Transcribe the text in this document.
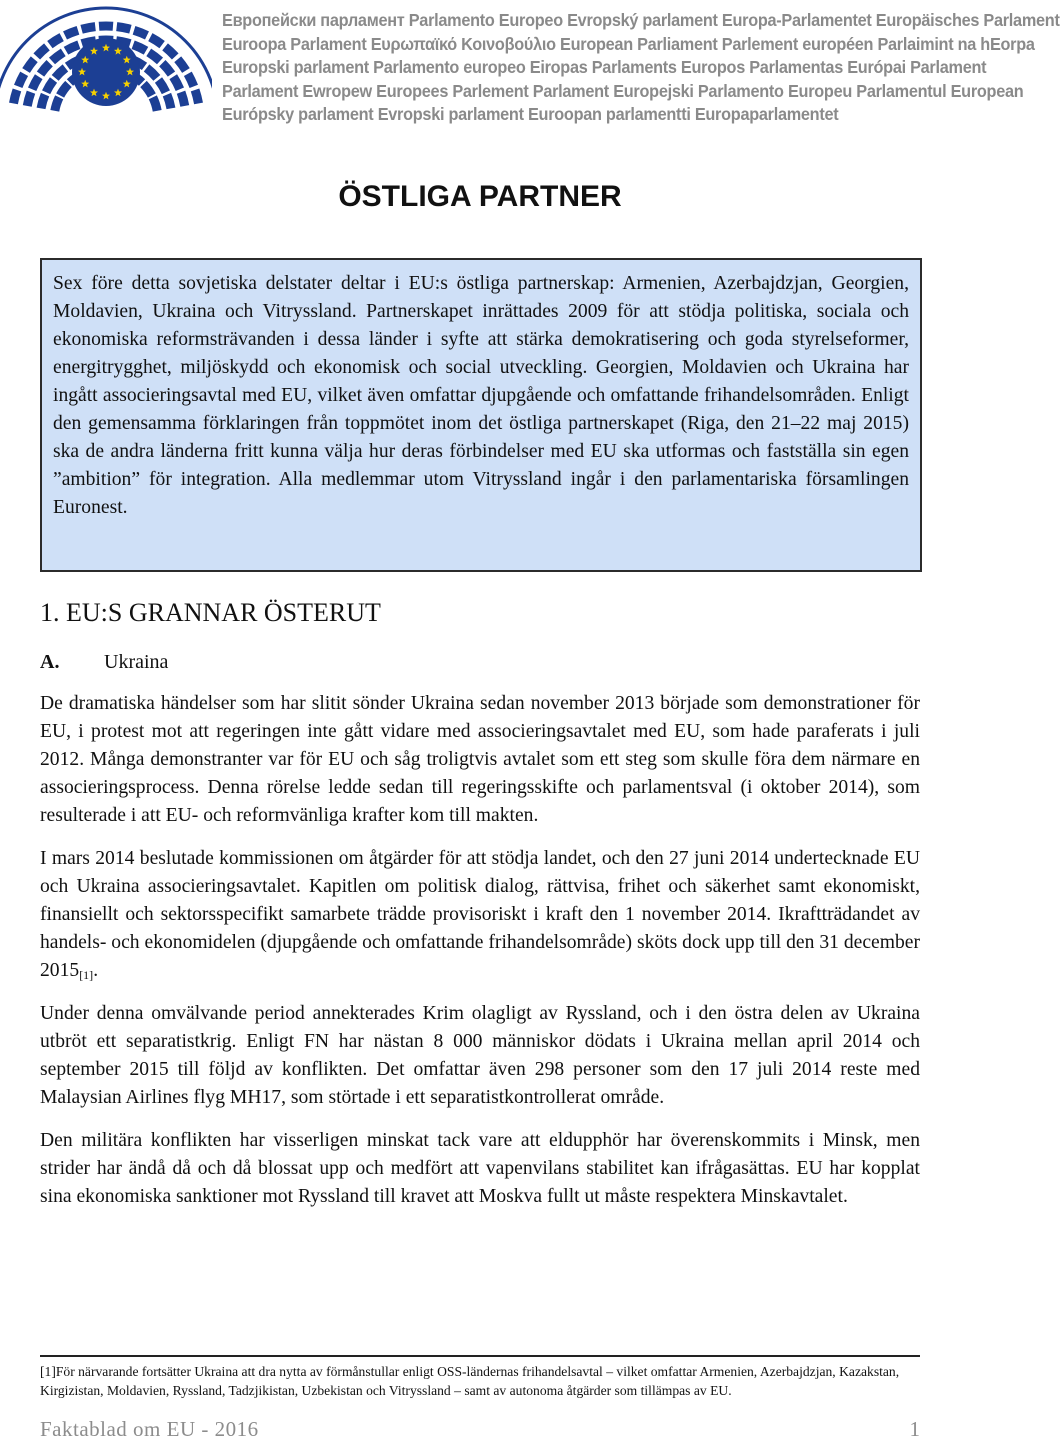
Европейски парламент Parlamento Europeo Evropský parlament Europa-Parlamentet Europäisches Parlament
Euroopa Parlament Ευρωπαϊκό Κοινοβούλιο European Parliament Parlement européen Parlaimint na hEorpa
Europski parlament Parlamento europeo Eiropas Parlaments Europos Parlamentas Európai Parlament
Parlament Ewropew Europees Parlement Parlament Europejski Parlamento Europeu Parlamentul European
Európsky parlament Evropski parlament Euroopan parlamentti Europaparlamentet
ÖSTLIGA PARTNER

Sex före detta sovjetiska delstater deltar i EU:s östliga partnerskap: Armenien, Azerbajdzjan, Georgien, Moldavien, Ukraina och Vitryssland. Partnerskapet inrättades 2009 för att stödja politiska, sociala och ekonomiska reformsträvanden i dessa länder i syfte att stärka demokratisering och goda styrelseformer, energitrygghet, miljöskydd och ekonomisk och social utveckling. Georgien, Moldavien och Ukraina har ingått associeringsavtal med EU, vilket även omfattar djupgående och omfattande frihandelsområden. Enligt den gemensamma förklaringen från toppmötet inom det östliga partnerskapet (Riga, den 21–22 maj 2015) ska de andra länderna fritt kunna välja hur deras förbindelser med EU ska utformas och fastställa sin egen ”ambition” för integration. Alla medlemmar utom Vitryssland ingår i den parlamentariska församlingen Euronest.

1. EU:S GRANNAR ÖSTERUT
A. Ukraina

De dramatiska händelser som har slitit sönder Ukraina sedan november 2013 började som demonstrationer för EU, i protest mot att regeringen inte gått vidare med associeringsavtalet med EU, som hade paraferats i juli 2012. Många demonstranter var för EU och såg troligtvis avtalet som ett steg som skulle föra dem närmare en associeringsprocess. Denna rörelse ledde sedan till regeringsskifte och parlamentsval (i oktober 2014), som resulterade i att EU- och reformvänliga krafter kom till makten.

I mars 2014 beslutade kommissionen om åtgärder för att stödja landet, och den 27 juni 2014 undertecknade EU och Ukraina associeringsavtalet. Kapitlen om politisk dialog, rättvisa, frihet och säkerhet samt ekonomiskt, finansiellt och sektorsspecifikt samarbete trädde provisoriskt i kraft den 1 november 2014. Ikraftträdandet av handels- och ekonomidelen (djupgående och omfattande frihandelsområde) sköts dock upp till den 31 december 2015[1].

Under denna omvälvande period annekterades Krim olagligt av Ryssland, och i den östra delen av Ukraina utbröt ett separatistkrig. Enligt FN har nästan 8 000 människor dödats i Ukraina mellan april 2014 och september 2015 till följd av konflikten. Det omfattar även 298 personer som den 17 juli 2014 reste med Malaysian Airlines flyg MH17, som störtade i ett separatistkontrollerat område.

Den militära konflikten har visserligen minskat tack vare att eldupphör har överenskommits i Minsk, men strider har ändå då och då blossat upp och medfört att vapenvilans stabilitet kan ifrågasättas. EU har kopplat sina ekonomiska sanktioner mot Ryssland till kravet att Moskva fullt ut måste respektera Minskavtalet.

[1]För närvarande fortsätter Ukraina att dra nytta av förmånstullar enligt OSS-ländernas frihandelsavtal – vilket omfattar Armenien, Azerbajdzjan, Kazakstan, Kirgizistan, Moldavien, Ryssland, Tadzjikistan, Uzbekistan och Vitryssland – samt av autonoma åtgärder som tillämpas av EU.

Faktablad om EU - 2016	1
